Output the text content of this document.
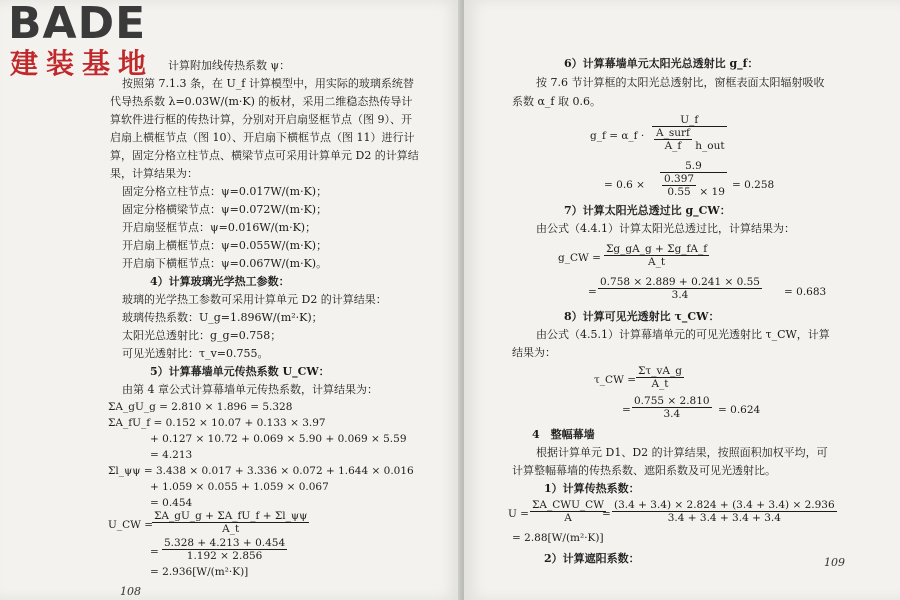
计算附加线传热系数 ψ：
按照第 7.1.3 条，在 U_f 计算模型中，用实际的玻璃系统替
代导热系数 λ=0.03W/(m·K) 的板材，采用二维稳态热传导计
算软件进行框的传热计算，分别对开启扇竖框节点（图 9）、开
启扇上横框节点（图 10）、开启扇下横框节点（图 11）进行计
算，固定分格立柱节点、横梁节点可采用计算单元 D2 的计算结
果，计算结果为：
固定分格立柱节点：ψ=0.017W/(m·K)；
固定分格横梁节点：ψ=0.072W/(m·K)；
开启扇竖框节点：ψ=0.016W/(m·K)；
开启扇上横框节点：ψ=0.055W/(m·K)；
开启扇下横框节点：ψ=0.067W/(m·K)。
4）计算玻璃光学热工参数：
玻璃的光学热工参数可采用计算单元 D2 的计算结果：
玻璃传热系数：U_g=1.896W/(m²·K)；
太阳光总透射比：g_g=0.758；
可见光透射比：τ_v=0.755。
5）计算幕墙单元传热系数 U_CW：
由第 4 章公式计算幕墙单元传热系数，计算结果为：
ΣA_gU_g = 2.810 × 1.896 = 5.328
ΣA_fU_f = 0.152 × 10.07 + 0.133 × 3.97
+ 0.127 × 10.72 + 0.069 × 5.90 + 0.069 × 5.59
= 4.213
Σl_ψψ = 3.438 × 0.017 + 3.336 × 0.072 + 1.644 × 0.016
+ 1.059 × 0.055 + 1.059 × 0.067
= 0.454
U_CW =
$\frac{\Sigma A\_gU\_g + \Sigma A\_fU\_f + \Sigma l\_\psi\psi}{A\_t}$
= $\frac{5.328 + 4.213 + 0.454}{1.192 \times 2.856}$
= 2.936[W/(m²·K)]
108
6）计算幕墙单元太阳光总透射比 g_f：
按 7.6 节计算框的太阳光总透射比，窗框表面太阳辐射吸收
系数 α_f 取 0.6。
g_f = α_f ·
U_f
$\frac{\text{A\_surf}}{A\_f}$ h_out
= $0.6 \times \frac{5.9}{\frac{0.397}{0.55} \times 19} = 0.258$
7）计算太阳光总透过比 g_CW：
由公式（4.4.1）计算太阳光总透过比，计算结果为：
g_CW = $\frac{\Sigma g\_gA\_g + \Sigma g\_fA\_f}{A\_t}$
= $\frac{0.758 \times 2.889 + 0.241 \times 0.55}{3.4} = 0.683$
8）计算可见光透射比 τ_CW：
由公式（4.5.1）计算幕墙单元的可见光透射比 τ_CW，计算
结果为：
τ_CW = $\frac{\Sigma\tau\_vA\_g}{A\_t}$
= $\frac{0.755 \times 2.810}{3.4} = 0.624$
4　整幅幕墙
根据计算单元 D1、D2 的计算结果，按照面积加权平均，可
计算整幅幕墙的传热系数、遮阳系数及可见光透射比。
1）计算传热系数：
U =
ΣA_CWU_CW
A	= $\frac{(3.4 + 3.4) \times 2.824 + (3.4 + 3.4) \times 2.936}{3.4 + 3.4 + 3.4 + 3.4}$
= 2.88[W/(m²·K)]
2）计算遮阳系数：	109
BADE
建装基地
